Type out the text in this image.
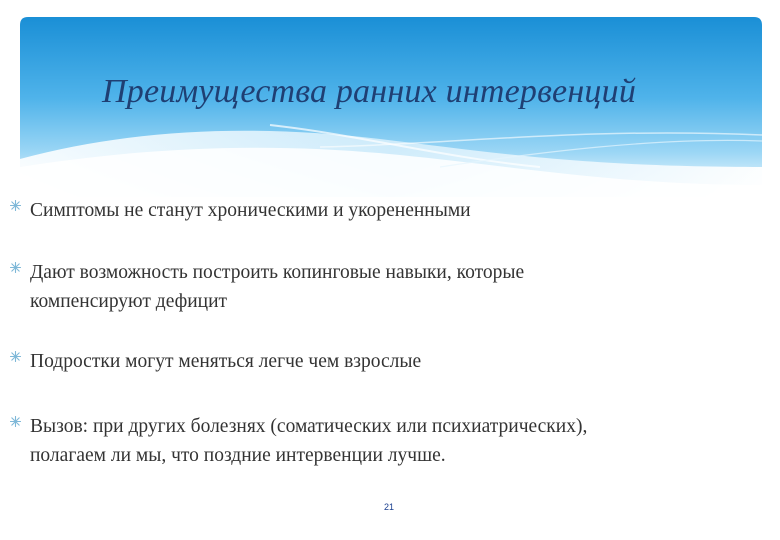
Преимущества ранних интервенций
Симптомы не станут хроническими и укорененными
Дают возможность построить копинговые навыки, которые
компенсируют дефицит
Подростки могут меняться легче чем взрослые
Вызов: при других болезнях (соматических или психиатрических),
полагаем ли мы, что поздние интервенции лучше.
21
